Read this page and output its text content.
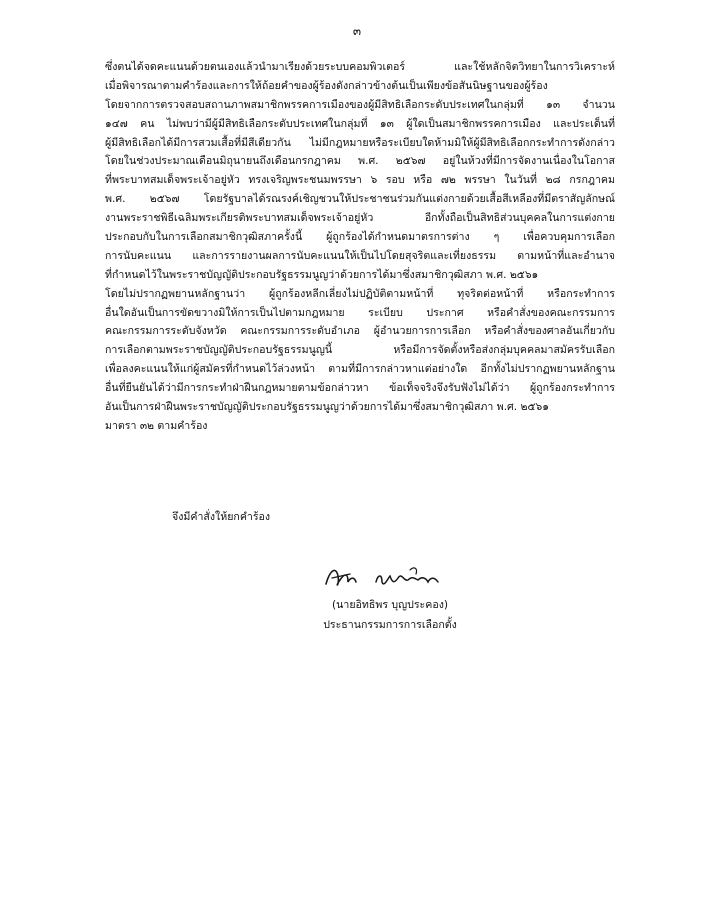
๓
ซึ่งตนได้จดคะแนนด้วยตนเองแล้วนำมาเรียงด้วยระบบคอมพิวเตอร์ และใช้หลักจิตวิทยาในการวิเคราะห์
เมื่อพิจารณาตามคำร้องและการให้ถ้อยคำของผู้ร้องดังกล่าวข้างต้นเป็นเพียงข้อสันนิษฐานของผู้ร้อง
โดยจากการตรวจสอบสถานภาพสมาชิกพรรคการเมืองของผู้มีสิทธิเลือกระดับประเทศในกลุ่มที่ ๑๓ จำนวน
๑๔๗ คน ไม่พบว่ามีผู้มีสิทธิเลือกระดับประเทศในกลุ่มที่ ๑๓ ผู้ใดเป็นสมาชิกพรรคการเมือง และประเด็นที่
ผู้มีสิทธิเลือกได้มีการสวมเสื้อที่มีสีเดียวกัน ไม่มีกฎหมายหรือระเบียบใดห้ามมิให้ผู้มีสิทธิเลือกกระทำการดังกล่าว
โดยในช่วงประมาณเดือนมิถุนายนถึงเดือนกรกฎาคม พ.ศ. ๒๕๖๗ อยู่ในห้วงที่มีการจัดงานเนื่องในโอกาส
ที่พระบาทสมเด็จพระเจ้าอยู่หัว ทรงเจริญพระชนมพรรษา ๖ รอบ หรือ ๗๒ พรรษา ในวันที่ ๒๘ กรกฎาคม
พ.ศ. ๒๕๖๗ โดยรัฐบาลได้รณรงค์เชิญชวนให้ประชาชนร่วมกันแต่งกายด้วยเสื้อสีเหลืองที่มีตราสัญลักษณ์
งานพระราชพิธีเฉลิมพระเกียรติพระบาทสมเด็จพระเจ้าอยู่หัว อีกทั้งถือเป็นสิทธิส่วนบุคคลในการแต่งกาย
ประกอบกับในการเลือกสมาชิกวุฒิสภาครั้งนี้ ผู้ถูกร้องได้กำหนดมาตรการต่าง ๆ เพื่อควบคุมการเลือก
การนับคะแนน และการรายงานผลการนับคะแนนให้เป็นไปโดยสุจริตและเที่ยงธรรม ตามหน้าที่และอำนาจ
ที่กำหนดไว้ในพระราชบัญญัติประกอบรัฐธรรมนูญว่าด้วยการได้มาซึ่งสมาชิกวุฒิสภา พ.ศ. ๒๕๖๑
โดยไม่ปรากฏพยานหลักฐานว่า ผู้ถูกร้องหลีกเลี่ยงไม่ปฏิบัติตามหน้าที่ ทุจริตต่อหน้าที่ หรือกระทำการ
อื่นใดอันเป็นการขัดขวางมิให้การเป็นไปตามกฎหมาย ระเบียบ ประกาศ หรือคำสั่งของคณะกรรมการ
คณะกรรมการระดับจังหวัด คณะกรรมการระดับอำเภอ ผู้อำนวยการการเลือก หรือคำสั่งของศาลอันเกี่ยวกับ
การเลือกตามพระราชบัญญัติประกอบรัฐธรรมนูญนี้ หรือมีการจัดตั้งหรือส่งกลุ่มบุคคลมาสมัครรับเลือก
เพื่อลงคะแนนให้แก่ผู้สมัครที่กำหนดไว้ล่วงหน้า ตามที่มีการกล่าวหาแต่อย่างใด อีกทั้งไม่ปรากฏพยานหลักฐาน
อื่นที่ยืนยันได้ว่ามีการกระทำฝ่าฝืนกฎหมายตามข้อกล่าวหา ข้อเท็จจริงจึงรับฟังไม่ได้ว่า ผู้ถูกร้องกระทำการ
อันเป็นการฝ่าฝืนพระราชบัญญัติประกอบรัฐธรรมนูญว่าด้วยการได้มาซึ่งสมาชิกวุฒิสภา พ.ศ. ๒๕๖๑
มาตรา ๓๒ ตามคำร้อง
จึงมีคำสั่งให้ยกคำร้อง
(นายอิทธิพร บุญประคอง)
ประธานกรรมการการเลือกตั้ง
